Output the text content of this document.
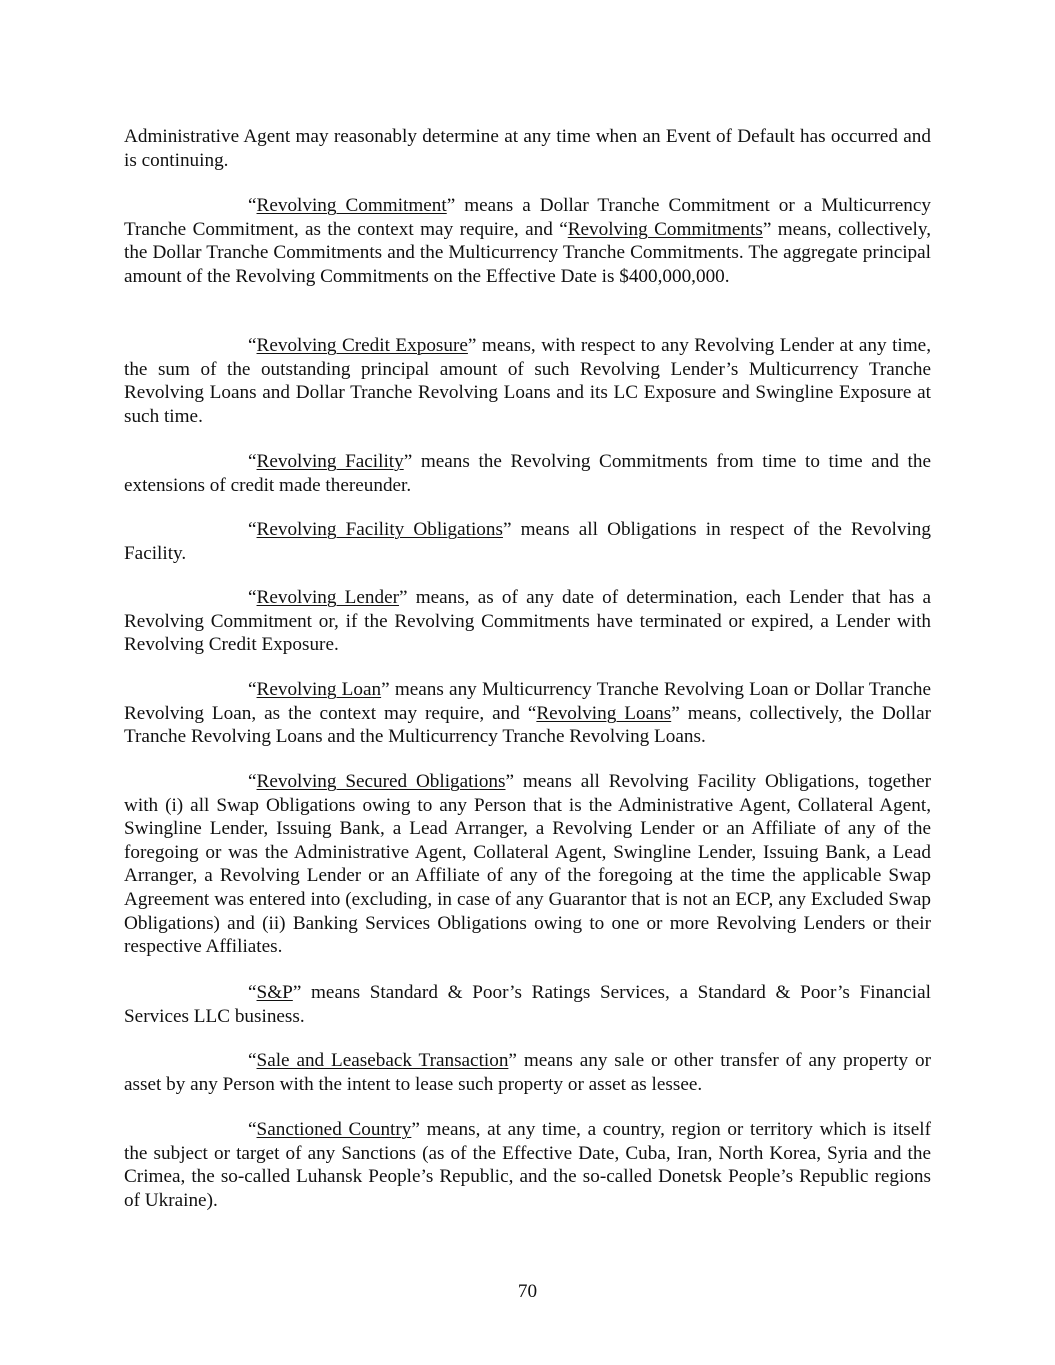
Administrative Agent may reasonably determine at any time when an Event of Default has occurred and is continuing.

“Revolving Commitment” means a Dollar Tranche Commitment or a Multicurrency Tranche Commitment, as the context may require, and “Revolving Commitments” means, collectively, the Dollar Tranche Commitments and the Multicurrency Tranche Commitments. The aggregate principal amount of the Revolving Commitments on the Effective Date is $400,000,000.

“Revolving Credit Exposure” means, with respect to any Revolving Lender at any time, the sum of the outstanding principal amount of such Revolving Lender’s Multicurrency Tranche Revolving Loans and Dollar Tranche Revolving Loans and its LC Exposure and Swingline Exposure at such time.

“Revolving Facility” means the Revolving Commitments from time to time and the extensions of credit made thereunder.

“Revolving Facility Obligations” means all Obligations in respect of the Revolving Facility.

“Revolving Lender” means, as of any date of determination, each Lender that has a Revolving Commitment or, if the Revolving Commitments have terminated or expired, a Lender with Revolving Credit Exposure.

“Revolving Loan” means any Multicurrency Tranche Revolving Loan or Dollar Tranche Revolving Loan, as the context may require, and “Revolving Loans” means, collectively, the Dollar Tranche Revolving Loans and the Multicurrency Tranche Revolving Loans.

“Revolving Secured Obligations” means all Revolving Facility Obligations, together with (i) all Swap Obligations owing to any Person that is the Administrative Agent, Collateral Agent, Swingline Lender, Issuing Bank, a Lead Arranger, a Revolving Lender or an Affiliate of any of the foregoing or was the Administrative Agent, Collateral Agent, Swingline Lender, Issuing Bank, a Lead Arranger, a Revolving Lender or an Affiliate of any of the foregoing at the time the applicable Swap Agreement was entered into (excluding, in case of any Guarantor that is not an ECP, any Excluded Swap Obligations) and (ii) Banking Services Obligations owing to one or more Revolving Lenders or their respective Affiliates.

“S&P” means Standard & Poor’s Ratings Services, a Standard & Poor’s Financial Services LLC business.

“Sale and Leaseback Transaction” means any sale or other transfer of any property or asset by any Person with the intent to lease such property or asset as lessee.

“Sanctioned Country” means, at any time, a country, region or territory which is itself the subject or target of any Sanctions (as of the Effective Date, Cuba, Iran, North Korea, Syria and the Crimea, the so-called Luhansk People’s Republic, and the so-called Donetsk People’s Republic regions of Ukraine).

70
